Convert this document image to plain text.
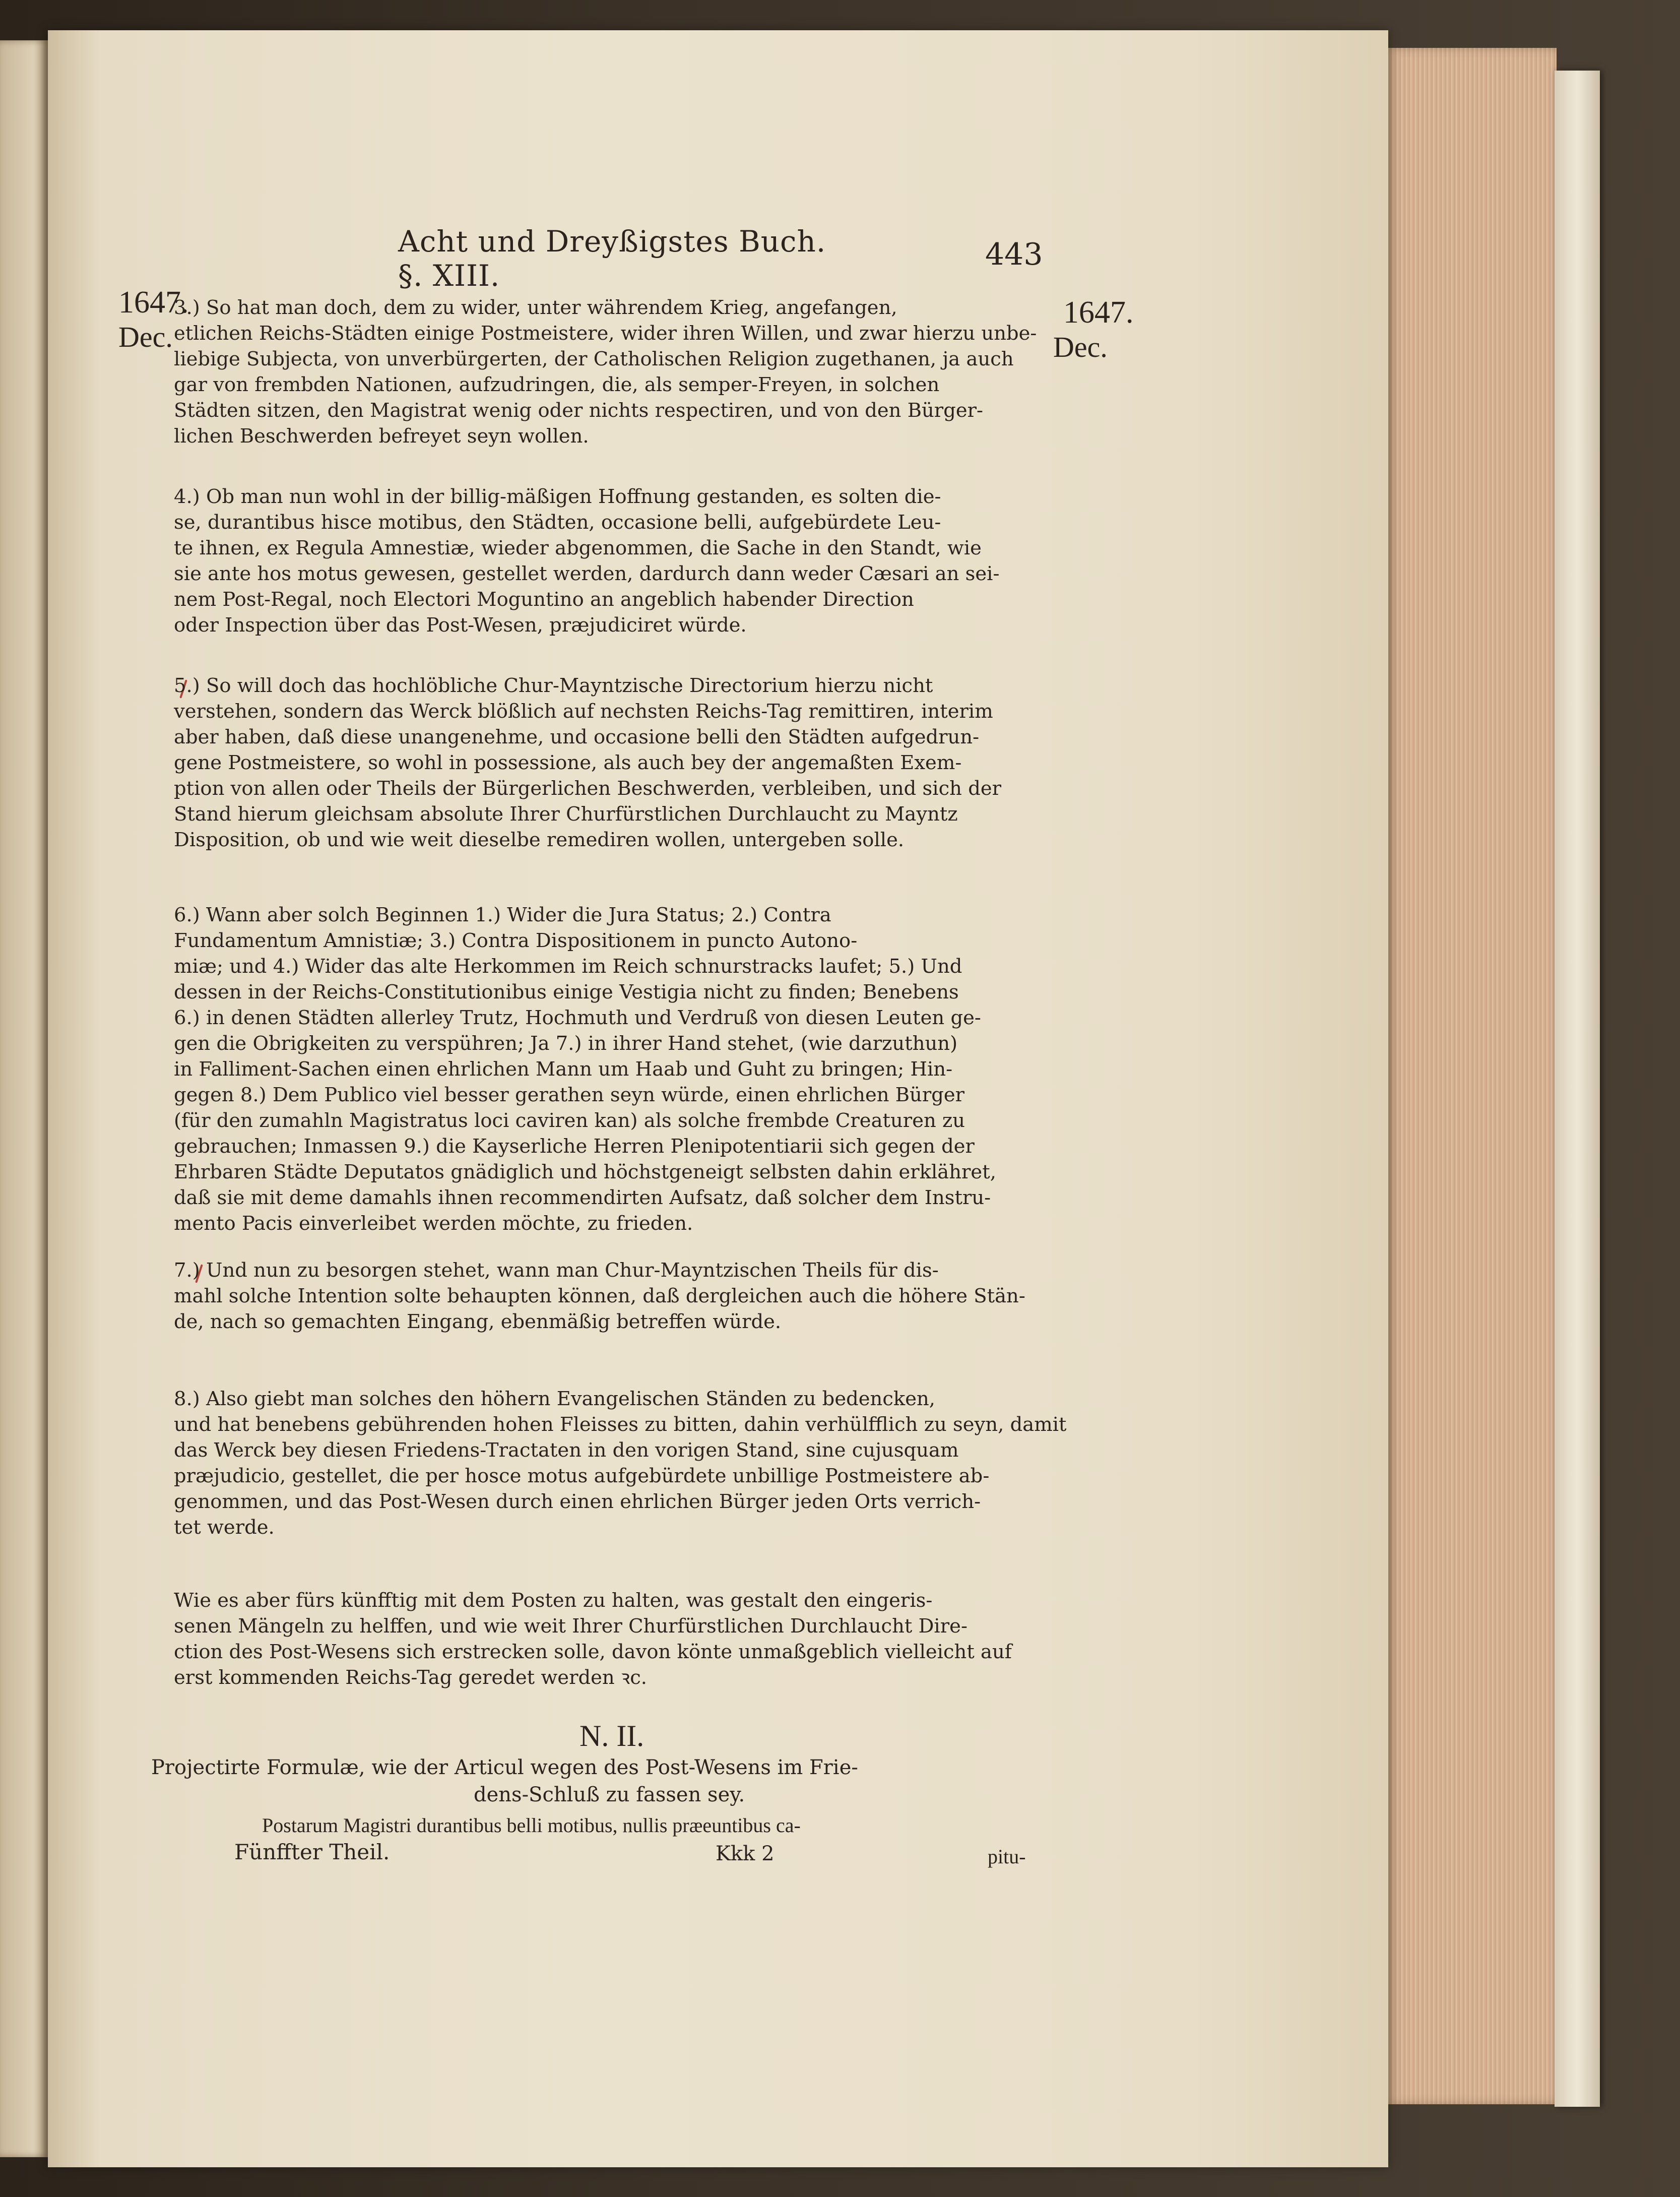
Acht und Dreyßigstes Buch. §. XIII.
443
1647.
Dec.
1647.
Dec.
3.) So hat man doch, dem zu wider, unter währendem Krieg, angefangen,
etlichen Reichs-Städten einige Postmeistere, wider ihren Willen, und zwar hierzu unbe-
liebige Subjecta, von unverbürgerten, der Catholischen Religion zugethanen, ja auch
gar von frembden Nationen, aufzudringen, die, als semper-Freyen, in solchen
Städten sitzen, den Magistrat wenig oder nichts respectiren, und von den Bürger-
lichen Beschwerden befreyet seyn wollen.
4.) Ob man nun wohl in der billig-mäßigen Hoffnung gestanden, es solten die-
se, durantibus hisce motibus, den Städten, occasione belli, aufgebürdete Leu-
te ihnen, ex Regula Amnestiæ, wieder abgenommen, die Sache in den Standt, wie
sie ante hos motus gewesen, gestellet werden, dardurch dann weder Cæsari an sei-
nem Post-Regal, noch Electori Moguntino an angeblich habender Direction
oder Inspection über das Post-Wesen, præjudiciret würde.
5.) So will doch das hochlöbliche Chur-Mayntzische Directorium hierzu nicht
verstehen, sondern das Werck blößlich auf nechsten Reichs-Tag remittiren, interim
aber haben, daß diese unangenehme, und occasione belli den Städten aufgedrun-
gene Postmeistere, so wohl in possessione, als auch bey der angemaßten Exem-
ption von allen oder Theils der Bürgerlichen Beschwerden, verbleiben, und sich der
Stand hierum gleichsam absolute Ihrer Churfürstlichen Durchlaucht zu Mayntz
Disposition, ob und wie weit dieselbe remediren wollen, untergeben solle.
6.) Wann aber solch Beginnen 1.) Wider die Jura Status; 2.) Contra
Fundamentum Amnistiæ; 3.) Contra Dispositionem in puncto Autono-
miæ; und 4.) Wider das alte Herkommen im Reich schnurstracks laufet; 5.) Und
dessen in der Reichs-Constitutionibus einige Vestigia nicht zu finden; Benebens
6.) in denen Städten allerley Trutz, Hochmuth und Verdruß von diesen Leuten ge-
gen die Obrigkeiten zu verspühren; Ja 7.) in ihrer Hand stehet, (wie darzuthun)
in Falliment-Sachen einen ehrlichen Mann um Haab und Guht zu bringen; Hin-
gegen 8.) Dem Publico viel besser gerathen seyn würde, einen ehrlichen Bürger
(für den zumahln Magistratus loci caviren kan) als solche frembde Creaturen zu
gebrauchen; Inmassen 9.) die Kayserliche Herren Plenipotentiarii sich gegen der
Ehrbaren Städte Deputatos gnädiglich und höchstgeneigt selbsten dahin erklähret,
daß sie mit deme damahls ihnen recommendirten Aufsatz, daß solcher dem Instru-
mento Pacis einverleibet werden möchte, zu frieden.
7.) Und nun zu besorgen stehet, wann man Chur-Mayntzischen Theils für dis-
mahl solche Intention solte behaupten können, daß dergleichen auch die höhere Stän-
de, nach so gemachten Eingang, ebenmäßig betreffen würde.
8.) Also giebt man solches den höhern Evangelischen Ständen zu bedencken,
und hat benebens gebührenden hohen Fleisses zu bitten, dahin verhülfflich zu seyn, damit
das Werck bey diesen Friedens-Tractaten in den vorigen Stand, sine cujusquam
præjudicio, gestellet, die per hosce motus aufgebürdete unbillige Postmeistere ab-
genommen, und das Post-Wesen durch einen ehrlichen Bürger jeden Orts verrich-
tet werde.
Wie es aber fürs künfftig mit dem Posten zu halten, was gestalt den eingeris-
senen Mängeln zu helffen, und wie weit Ihrer Churfürstlichen Durchlaucht Dire-
ction des Post-Wesens sich erstrecken solle, davon könte unmaßgeblich vielleicht auf
erst kommenden Reichs-Tag geredet werden ꝛc.
N. II.
Projectirte Formulæ, wie der Articul wegen des Post-Wesens im Frie-
dens-Schluß zu fassen sey.
Postarum Magistri durantibus belli motibus, nullis præeuntibus ca-
Fünffter Theil.	Kkk 2	pitu-
